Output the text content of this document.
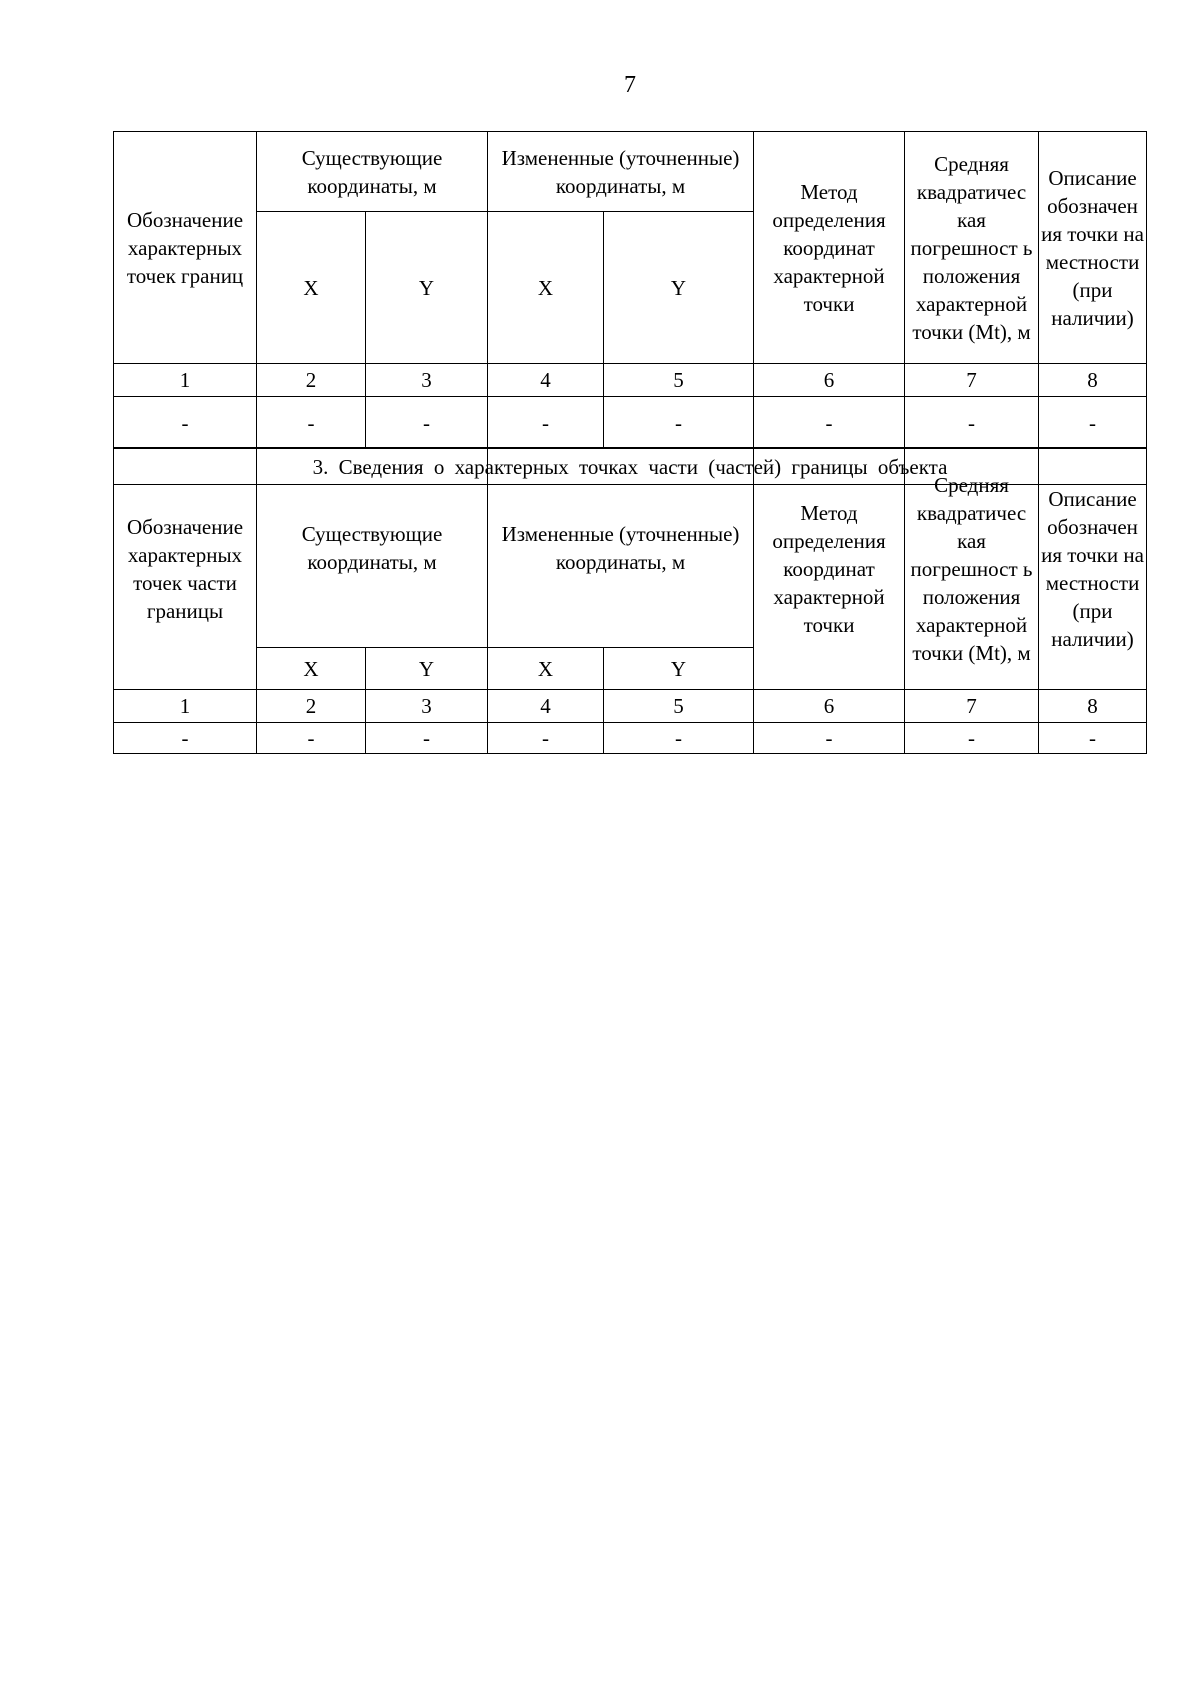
7
Обозначение характерных точек границ	Существующие координаты, м		Измененные (уточненные) координаты, м		Метод определения координат характерной точки	Средняя квадратичес кая погрешност ь положения характерной точки (Mt), м	Описание обозначен ия точки на местности (при наличии)
	X	Y	X	Y			
1	2	3	4	5	6	7	8
-	-	-	-	-	-	-	-
3. Сведения о характерных точках части (частей) границы объекта							
Обозначение характерных точек части границы	Существующие координаты, м		Измененные (уточненные) координаты, м		Метод определения координат характерной точки	Средняя квадратичес кая погрешност ь положения характерной точки (Mt), м	Описание обозначен ия точки на местности (при наличии)
	X	Y	X	Y			
1	2	3	4	5	6	7	8
-	-	-	-	-	-	-	-
